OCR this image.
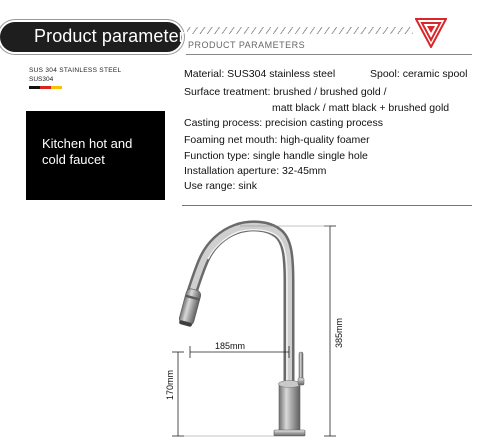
Product parameter PRODUCT PARAMETERS
SUS 304 STAINLESS STEEL
SUS304
Kitchen hot and
cold faucet
Material: SUS304 stainless steel	Spool: ceramic spool
Surface treatment: brushed / brushed gold /
matt black / matt black + brushed gold
Casting process: precision casting process
Foaming net mouth: high-quality foamer
Function type: single handle single hole
Installation aperture: 32-45mm
Use range: sink
185mm	385mm
170mm
